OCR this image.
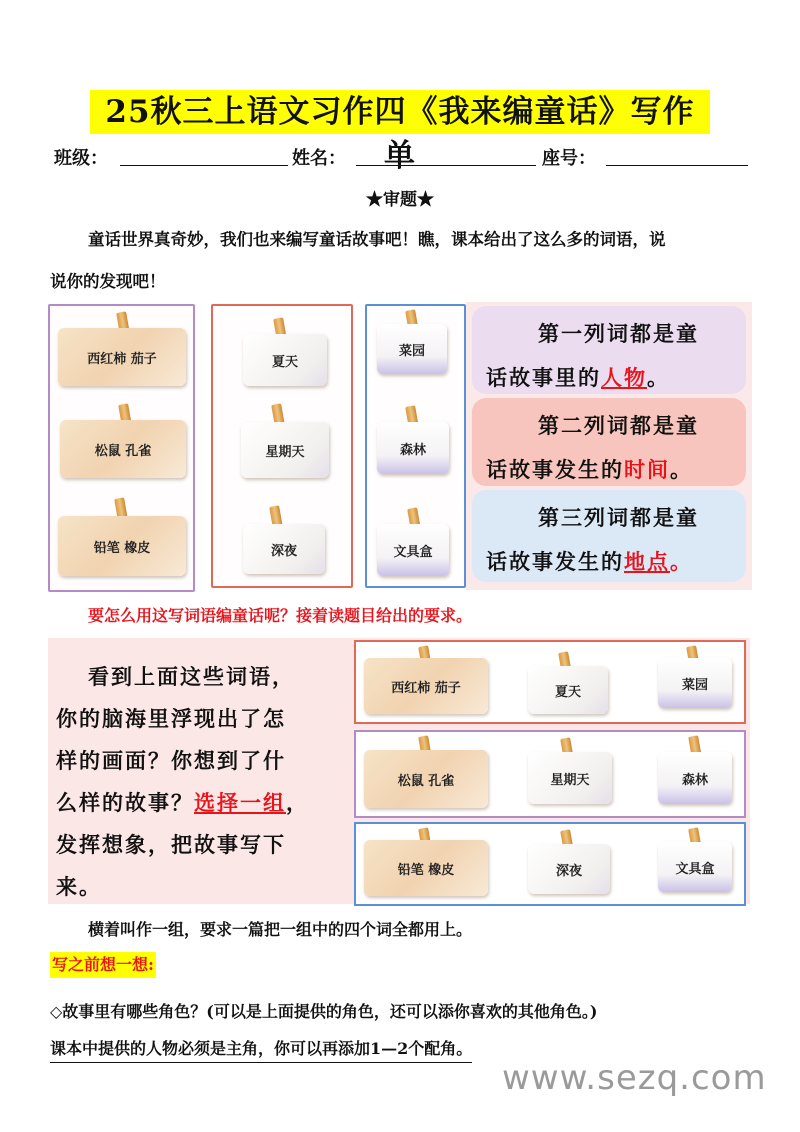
25秋三上语文习作四《我来编童话》写作单
班级：	姓名：	座号：
★审题★
童话世界真奇妙，我们也来编写童话故事吧！瞧，课本给出了这么多的词语，说
说你的发现吧！
西红柿 茄子
松鼠 孔雀
铅笔 橡皮
夏天
星期天
深夜
菜园
森林
文具盒
第一列词都是童
话故事里的人物。
第二列词都是童
话故事发生的时间。
第三列词都是童
话故事发生的地点。
要怎么用这写词语编童话呢？接着读题目给出的要求。
看到上面这些词语，
你的脑海里浮现出了怎
样的画面？你想到了什
么样的故事？选择一组，
发挥想象，把故事写下
来。
西红柿 茄子	夏天	菜园
松鼠 孔雀	星期天	森林
铅笔 橡皮	深夜	文具盒
横着叫作一组，要求一篇把一组中的四个词全都用上。
写之前想一想:
◇故事里有哪些角色？(可以是上面提供的角色，还可以添你喜欢的其他角色。)
课本中提供的人物必须是主角，你可以再添加1—2个配角。
www.sezq.com
